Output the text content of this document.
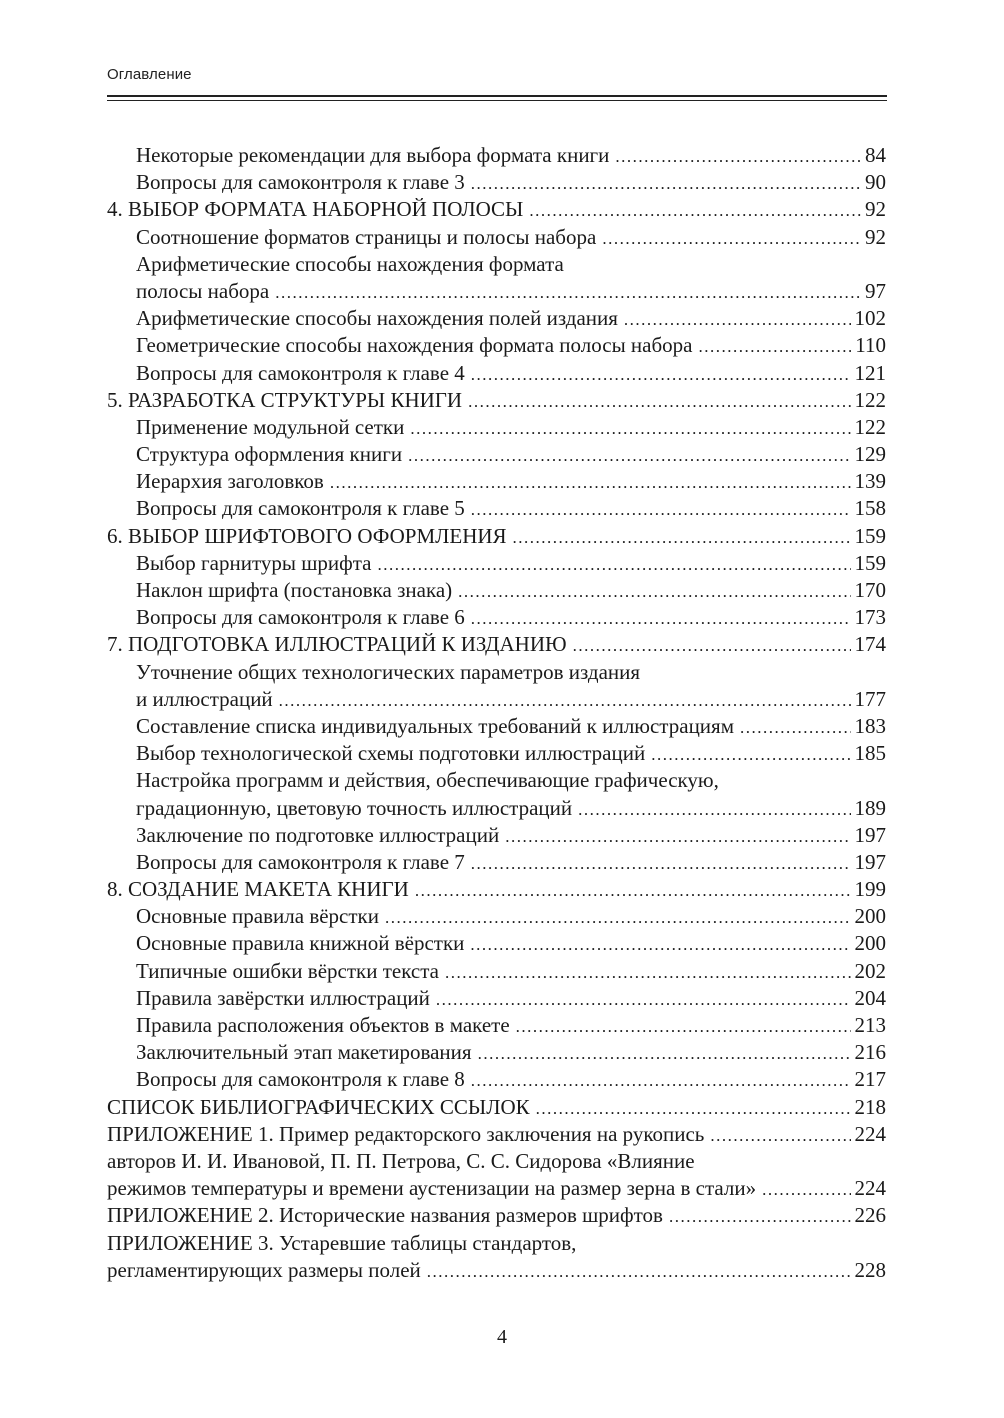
Оглавление
Некоторые рекомендации для выбора формата книги .....	84
Вопросы для самоконтроля к главе 3 .....	90
4. ВЫБОР ФОРМАТА НАБОРНОЙ ПОЛОСЫ .....	92
Соотношение форматов страницы и полосы набора .....	92
Арифметические способы нахождения формата
полосы набора .....	97
Арифметические способы нахождения полей издания .....	102
Геометрические способы нахождения формата полосы набора .....	110
Вопросы для самоконтроля к главе 4 .....	121
5. РАЗРАБОТКА СТРУКТУРЫ КНИГИ .....	122
Применение модульной сетки .....	122
Структура оформления книги .....	129
Иерархия заголовков .....	139
Вопросы для самоконтроля к главе 5 .....	158
6. ВЫБОР ШРИФТОВОГО ОФОРМЛЕНИЯ .....	159
Выбор гарнитуры шрифта .....	159
Наклон шрифта (постановка знака) .....	170
Вопросы для самоконтроля к главе 6 .....	173
7. ПОДГОТОВКА ИЛЛЮСТРАЦИЙ К ИЗДАНИЮ .....	174
Уточнение общих технологических параметров издания
и иллюстраций .....	177
Составление списка индивидуальных требований к иллюстрациям .....	183
Выбор технологической схемы подготовки иллюстраций .....	185
Настройка программ и действия, обеспечивающие графическую,
градационную, цветовую точность иллюстраций .....	189
Заключение по подготовке иллюстраций .....	197
Вопросы для самоконтроля к главе 7 .....	197
8. СОЗДАНИЕ МАКЕТА КНИГИ .....	199
Основные правила вёрстки .....	200
Основные правила книжной вёрстки .....	200
Типичные ошибки вёрстки текста .....	202
Правила завёрстки иллюстраций .....	204
Правила расположения объектов в макете .....	213
Заключительный этап макетирования .....	216
Вопросы для самоконтроля к главе 8 .....	217
СПИСОК БИБЛИОГРАФИЧЕСКИХ ССЫЛОК .....	218
ПРИЛОЖЕНИЕ 1. Пример редакторского заключения на рукопись .....	224
авторов И. И. Ивановой, П. П. Петрова, С. С. Сидорова «Влияние
режимов температуры и времени аустенизации на размер зерна в стали» .....	224
ПРИЛОЖЕНИЕ 2. Исторические названия размеров шрифтов .....	226
ПРИЛОЖЕНИЕ 3. Устаревшие таблицы стандартов,
регламентирующих размеры полей .....	228
4
